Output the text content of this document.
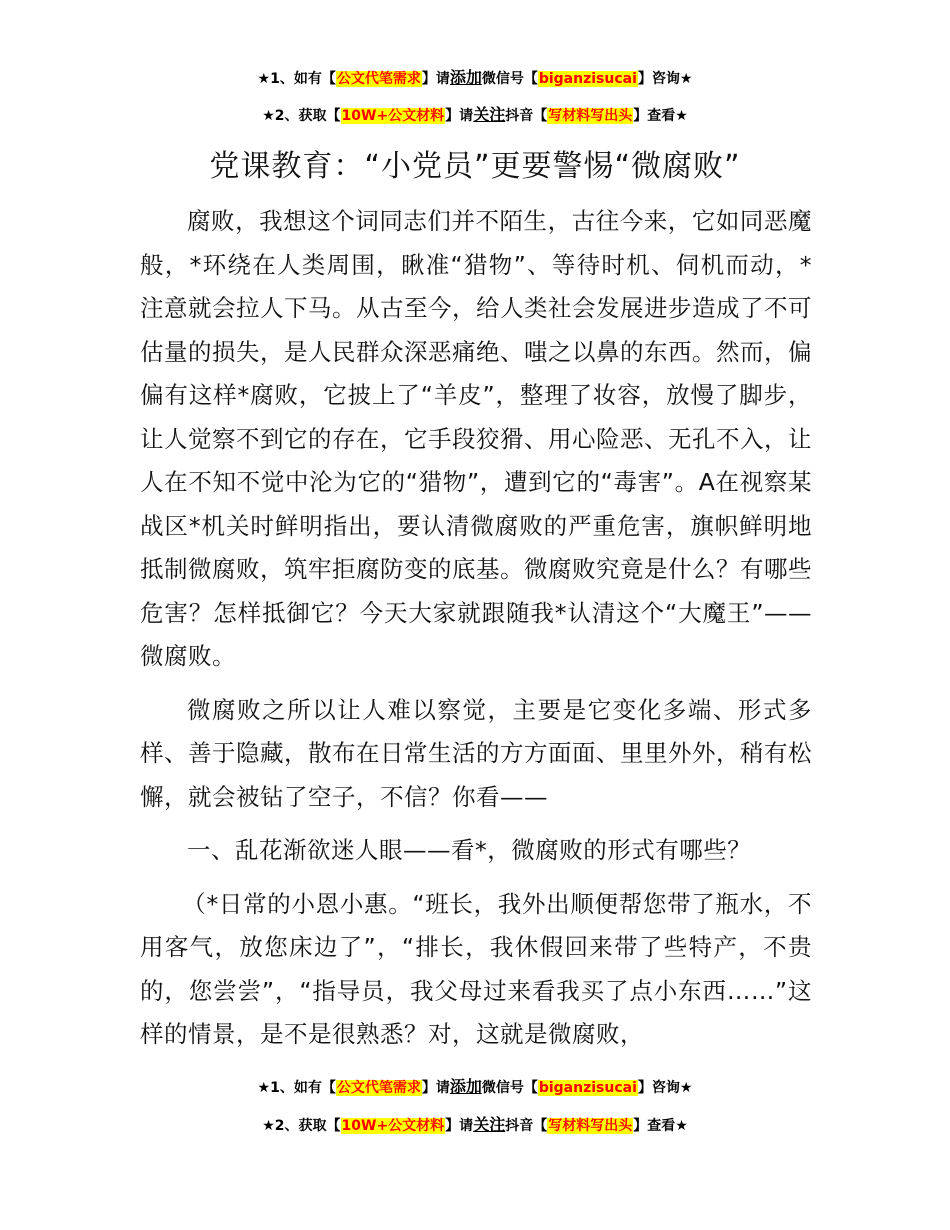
★1、如有【公文代笔需求】请添加微信号【biganzisucai】咨询★
★2、获取【10W+公文材料】请关注抖音【写材料写出头】查看★
党课教育：“小党员”更要警惕“微腐败”

腐败，我想这个词同志们并不陌生，古往今来，它如同恶魔般，*环绕在人类周围，瞅准“猎物”、等待时机、伺机而动，*注意就会拉人下马。从古至今，给人类社会发展进步造成了不可估量的损失，是人民群众深恶痛绝、嗤之以鼻的东西。然而，偏偏有这样*腐败，它披上了“羊皮”，整理了妆容，放慢了脚步，让人觉察不到它的存在，它手段狡猾、用心险恶、无孔不入，让人在不知不觉中沦为它的“猎物”，遭到它的“毒害”。A在视察某战区*机关时鲜明指出，要认清微腐败的严重危害，旗帜鲜明地抵制微腐败，筑牢拒腐防变的底基。微腐败究竟是什么？有哪些危害？怎样抵御它？今天大家就跟随我*认清这个“大魔王”——微腐败。

微腐败之所以让人难以察觉，主要是它变化多端、形式多样、善于隐藏，散布在日常生活的方方面面、里里外外，稍有松懈，就会被钻了空子，不信？你看——

一、乱花渐欲迷人眼——看*，微腐败的形式有哪些？

（*日常的小恩小惠。“班长，我外出顺便帮您带了瓶水，不用客气，放您床边了”，“排长，我休假回来带了些特产，不贵的，您尝尝”，“指导员，我父母过来看我买了点小东西……”这样的情景，是不是很熟悉？对，这就是微腐败，

★1、如有【公文代笔需求】请添加微信号【biganzisucai】咨询★
★2、获取【10W+公文材料】请关注抖音【写材料写出头】查看★
